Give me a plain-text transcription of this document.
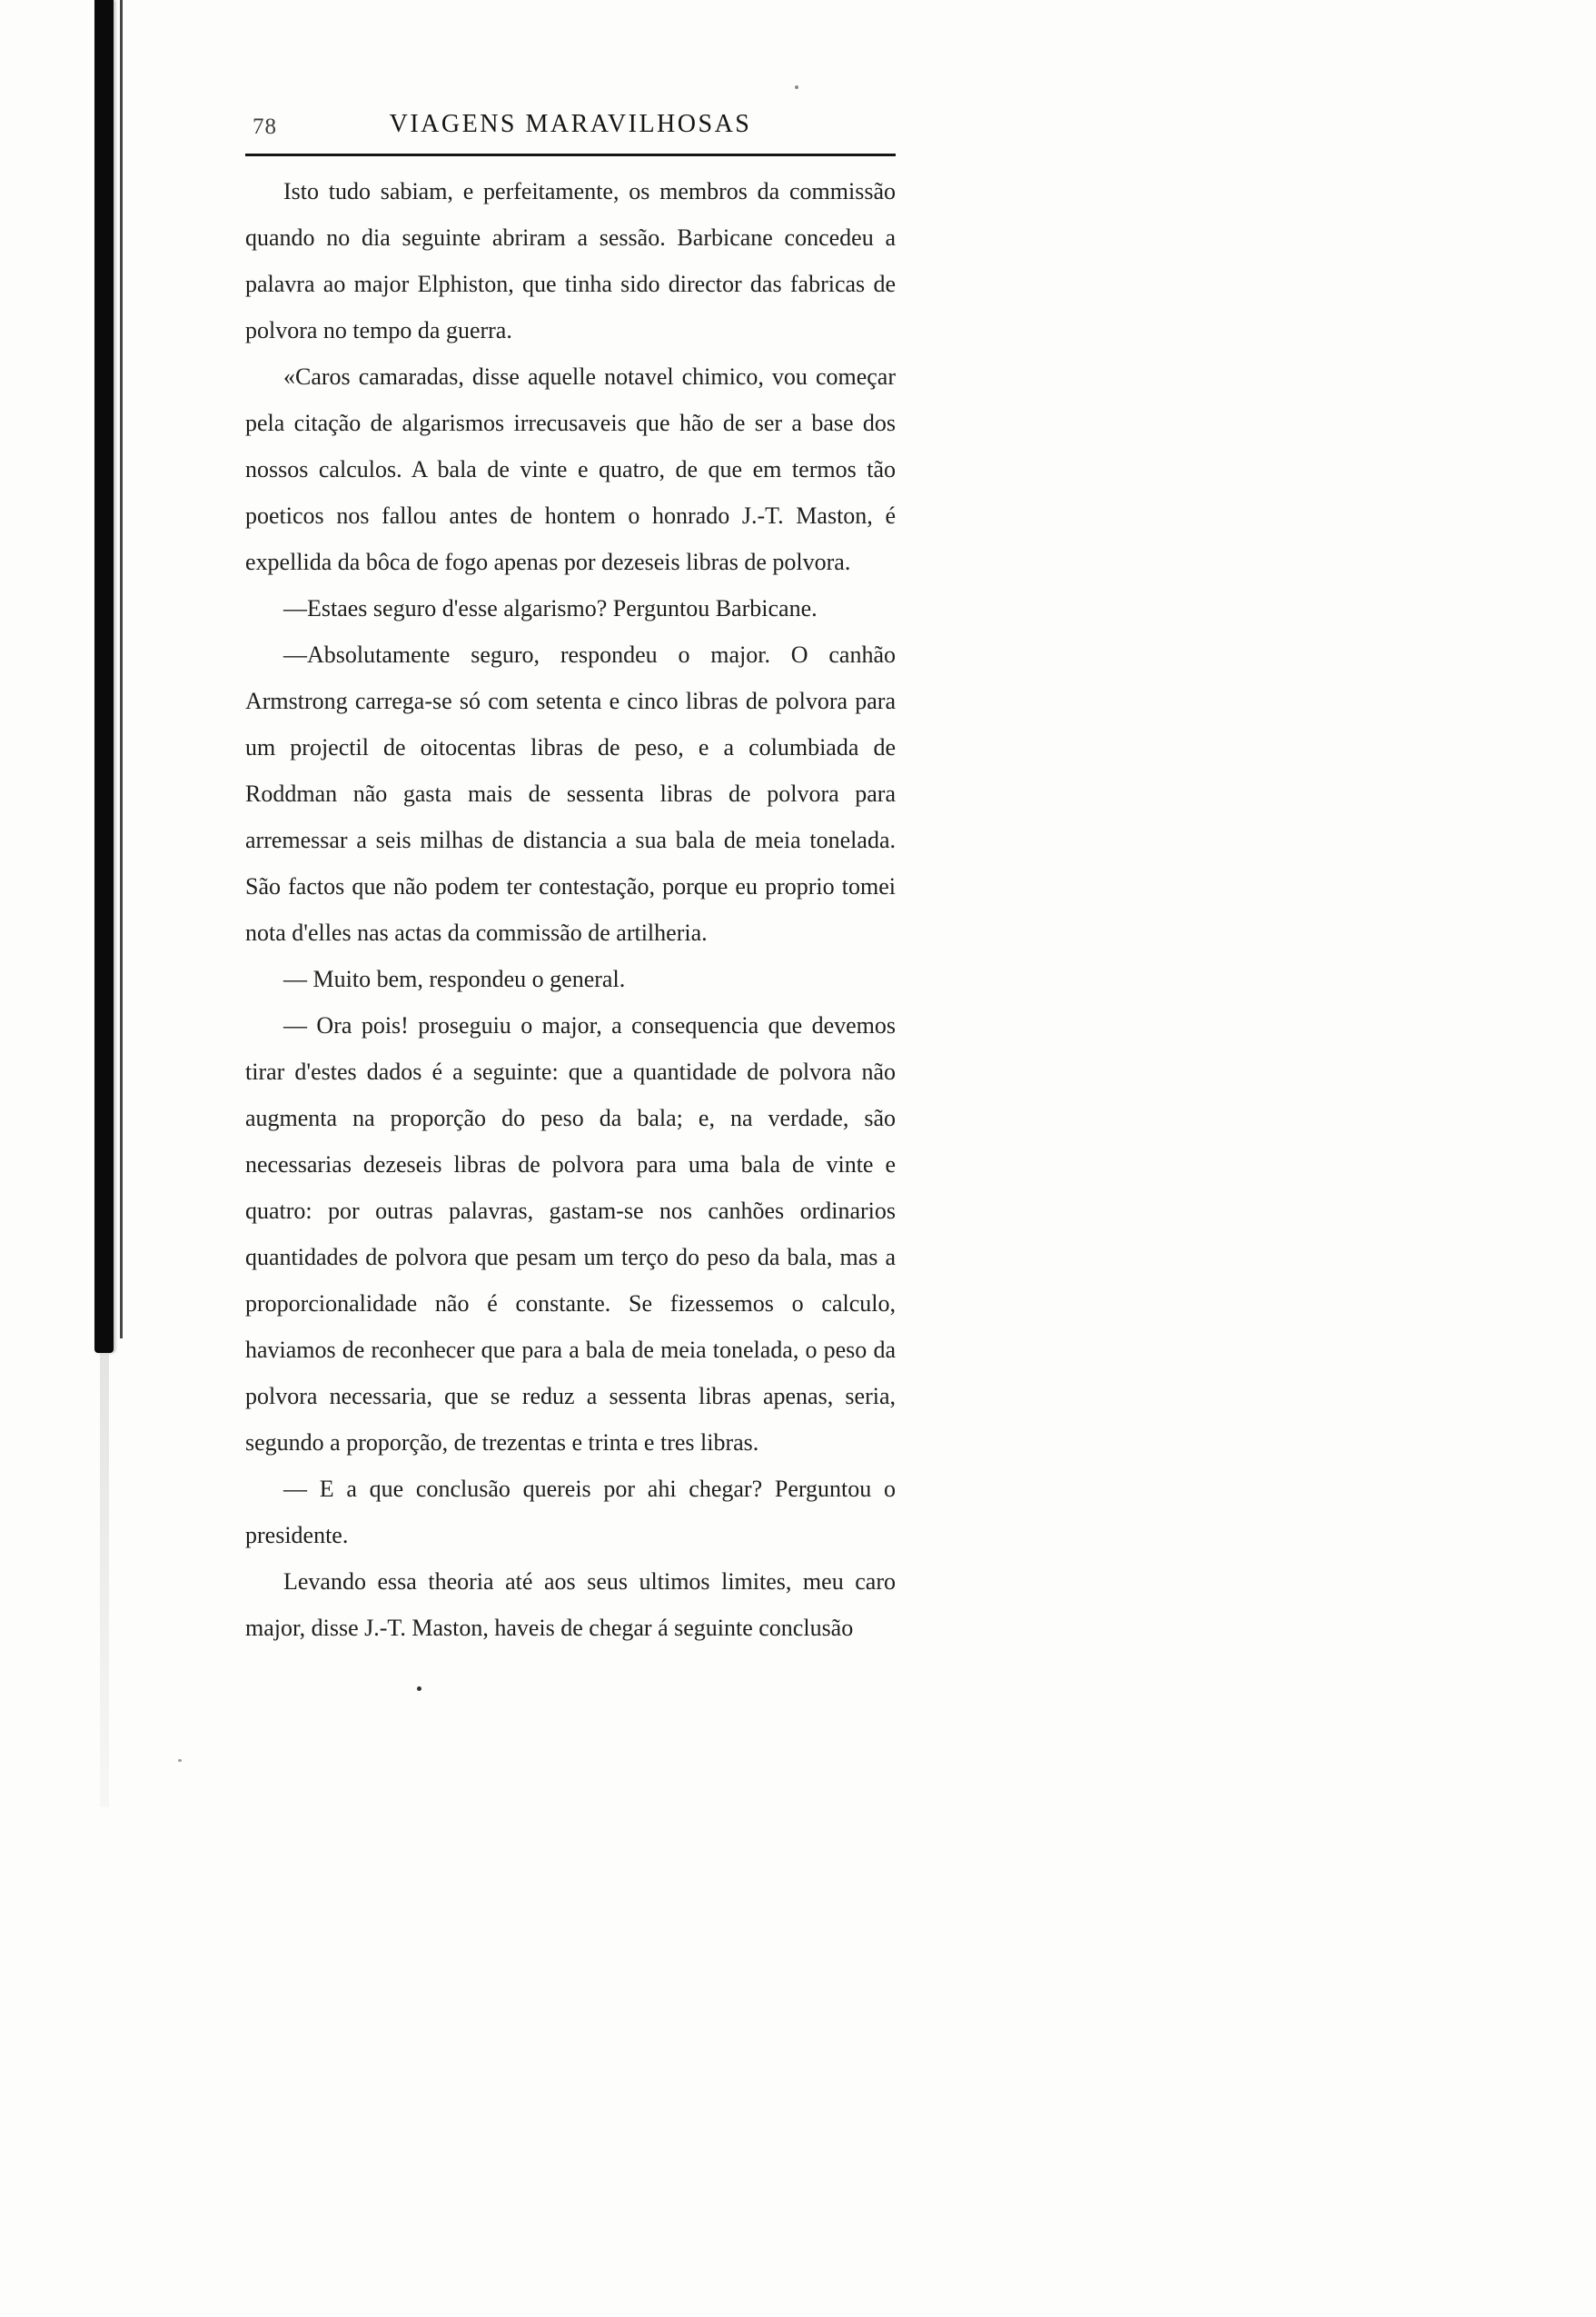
78	VIAGENS MARAVILHOSAS

Isto tudo sabiam, e perfeitamente, os membros da commissão quando no dia seguinte abriram a sessão. Barbicane concedeu a palavra ao major Elphiston, que tinha sido director das fabricas de polvora no tempo da guerra.

«Caros camaradas, disse aquelle notavel chimico, vou começar pela citação de algarismos irrecusaveis que hão de ser a base dos nossos calculos. A bala de vinte e quatro, de que em termos tão poeticos nos fallou antes de hontem o honrado J.-T. Maston, é expellida da bôca de fogo apenas por dezeseis libras de polvora.

—Estaes seguro d'esse algarismo? Perguntou Barbicane.

—Absolutamente seguro, respondeu o major. O canhão Armstrong carrega-se só com setenta e cinco libras de polvora para um projectil de oitocentas libras de peso, e a columbiada de Roddman não gasta mais de sessenta libras de polvora para arremessar a seis milhas de distancia a sua bala de meia tonelada. São factos que não podem ter contestação, porque eu proprio tomei nota d'elles nas actas da commissão de artilheria.

— Muito bem, respondeu o general.

— Ora pois! proseguiu o major, a consequencia que devemos tirar d'estes dados é a seguinte: que a quantidade de polvora não augmenta na proporção do peso da bala; e, na verdade, são necessarias dezeseis libras de polvora para uma bala de vinte e quatro: por outras palavras, gastam-se nos canhões ordinarios quantidades de polvora que pesam um terço do peso da bala, mas a proporcionalidade não é constante. Se fizessemos o calculo, haviamos de reconhecer que para a bala de meia tonelada, o peso da polvora necessaria, que se reduz a sessenta libras apenas, seria, segundo a proporção, de trezentas e trinta e tres libras.

— E a que conclusão quereis por ahi chegar? Perguntou o presidente.

Levando essa theoria até aos seus ultimos limites, meu caro major, disse J.-T. Maston, haveis de chegar á seguinte conclusão
